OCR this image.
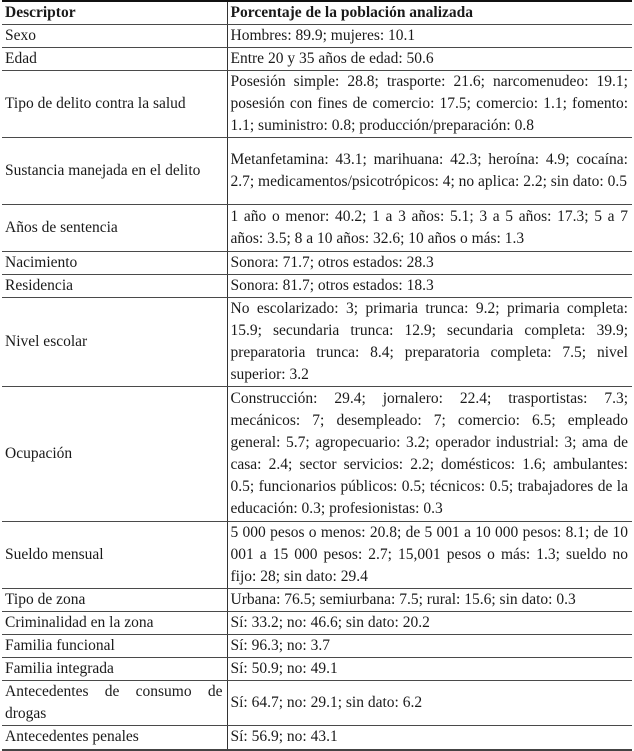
Descriptor	Porcentaje de la población analizada
Sexo	Hombres: 89.9; mujeres: 10.1
Edad	Entre 20 y 35 años de edad: 50.6
Tipo de delito contra la salud	Posesión simple: 28.8; trasporte: 21.6; narcomenudeo: 19.1; posesión con fines de comercio: 17.5; comercio: 1.1; fomento: 1.1; suministro: 0.8; producción/preparación: 0.8
Sustancia manejada en el delito	Metanfetamina: 43.1; marihuana: 42.3; heroína: 4.9; cocaína: 2.7; medicamentos/psicotrópicos: 4; no aplica: 2.2; sin dato: 0.5
Años de sentencia	1 año o menor: 40.2; 1 a 3 años: 5.1; 3 a 5 años: 17.3; 5 a 7 años: 3.5; 8 a 10 años: 32.6; 10 años o más: 1.3
Nacimiento	Sonora: 71.7; otros estados: 28.3
Residencia	Sonora: 81.7; otros estados: 18.3
Nivel escolar	No escolarizado: 3; primaria trunca: 9.2; primaria completa: 15.9; secundaria trunca: 12.9; secundaria completa: 39.9; preparatoria trunca: 8.4; preparatoria completa: 7.5; nivel superior: 3.2
Ocupación	Construcción: 29.4; jornalero: 22.4; trasportistas: 7.3; mecánicos: 7; desempleado: 7; comercio: 6.5; empleado general: 5.7; agropecuario: 3.2; operador industrial: 3; ama de casa: 2.4; sector servicios: 2.2; domésticos: 1.6; ambulantes: 0.5; funcionarios públicos: 0.5; técnicos: 0.5; trabajadores de la educación: 0.3; profesionistas: 0.3
Sueldo mensual	5 000 pesos o menos: 20.8; de 5 001 a 10 000 pesos: 8.1; de 10 001 a 15 000 pesos: 2.7; 15,001 pesos o más: 1.3; sueldo no fijo: 28; sin dato: 29.4
Tipo de zona	Urbana: 76.5; semiurbana: 7.5; rural: 15.6; sin dato: 0.3
Criminalidad en la zona	Sí: 33.2; no: 46.6; sin dato: 20.2
Familia funcional	Sí: 96.3; no: 3.7
Familia integrada	Sí: 50.9; no: 49.1
Antecedentes de consumo de drogas	Sí: 64.7; no: 29.1; sin dato: 6.2
Antecedentes penales	Sí: 56.9; no: 43.1
